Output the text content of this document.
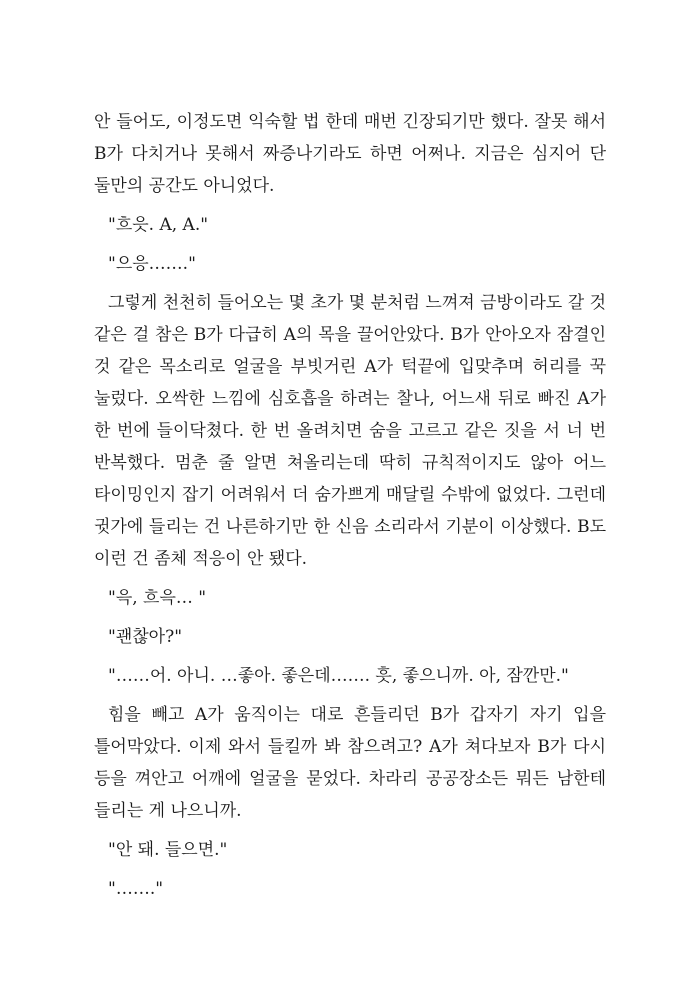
안 들어도, 이정도면 익숙할 법 한데 매번 긴장되기만 했다. 잘못 해서 B가 다치거나 못해서 짜증나기라도 하면 어쩌나. 지금은 심지어 단 둘만의 공간도 아니었다.

"흐읏. A, A."

"으응……."

그렇게 천천히 들어오는 몇 초가 몇 분처럼 느껴져 금방이라도 갈 것 같은 걸 참은 B가 다급히 A의 목을 끌어안았다. B가 안아오자 잠결인 것 같은 목소리로 얼굴을 부빗거린 A가 턱끝에 입맞추며 허리를 꾹 눌렀다. 오싹한 느낌에 심호흡을 하려는 찰나, 어느새 뒤로 빠진 A가 한 번에 들이닥쳤다. 한 번 올려치면 숨을 고르고 같은 짓을 서 너 번 반복했다. 멈춘 줄 알면 쳐올리는데 딱히 규칙적이지도 않아 어느 타이밍인지 잡기 어려워서 더 숨가쁘게 매달릴 수밖에 없었다. 그런데 귓가에 들리는 건 나른하기만 한 신음 소리라서 기분이 이상했다. B도 이런 건 좀체 적응이 안 됐다.

"윽, 흐윽… "

"괜찮아?"

"……어. 아니. …좋아. 좋은데……. 흣, 좋으니까. 아, 잠깐만."

힘을 빼고 A가 움직이는 대로 흔들리던 B가 갑자기 자기 입을 틀어막았다. 이제 와서 들킬까 봐 참으려고? A가 쳐다보자 B가 다시 등을 껴안고 어깨에 얼굴을 묻었다. 차라리 공공장소든 뭐든 남한테 들리는 게 나으니까.

"안 돼. 들으면."

"……."
